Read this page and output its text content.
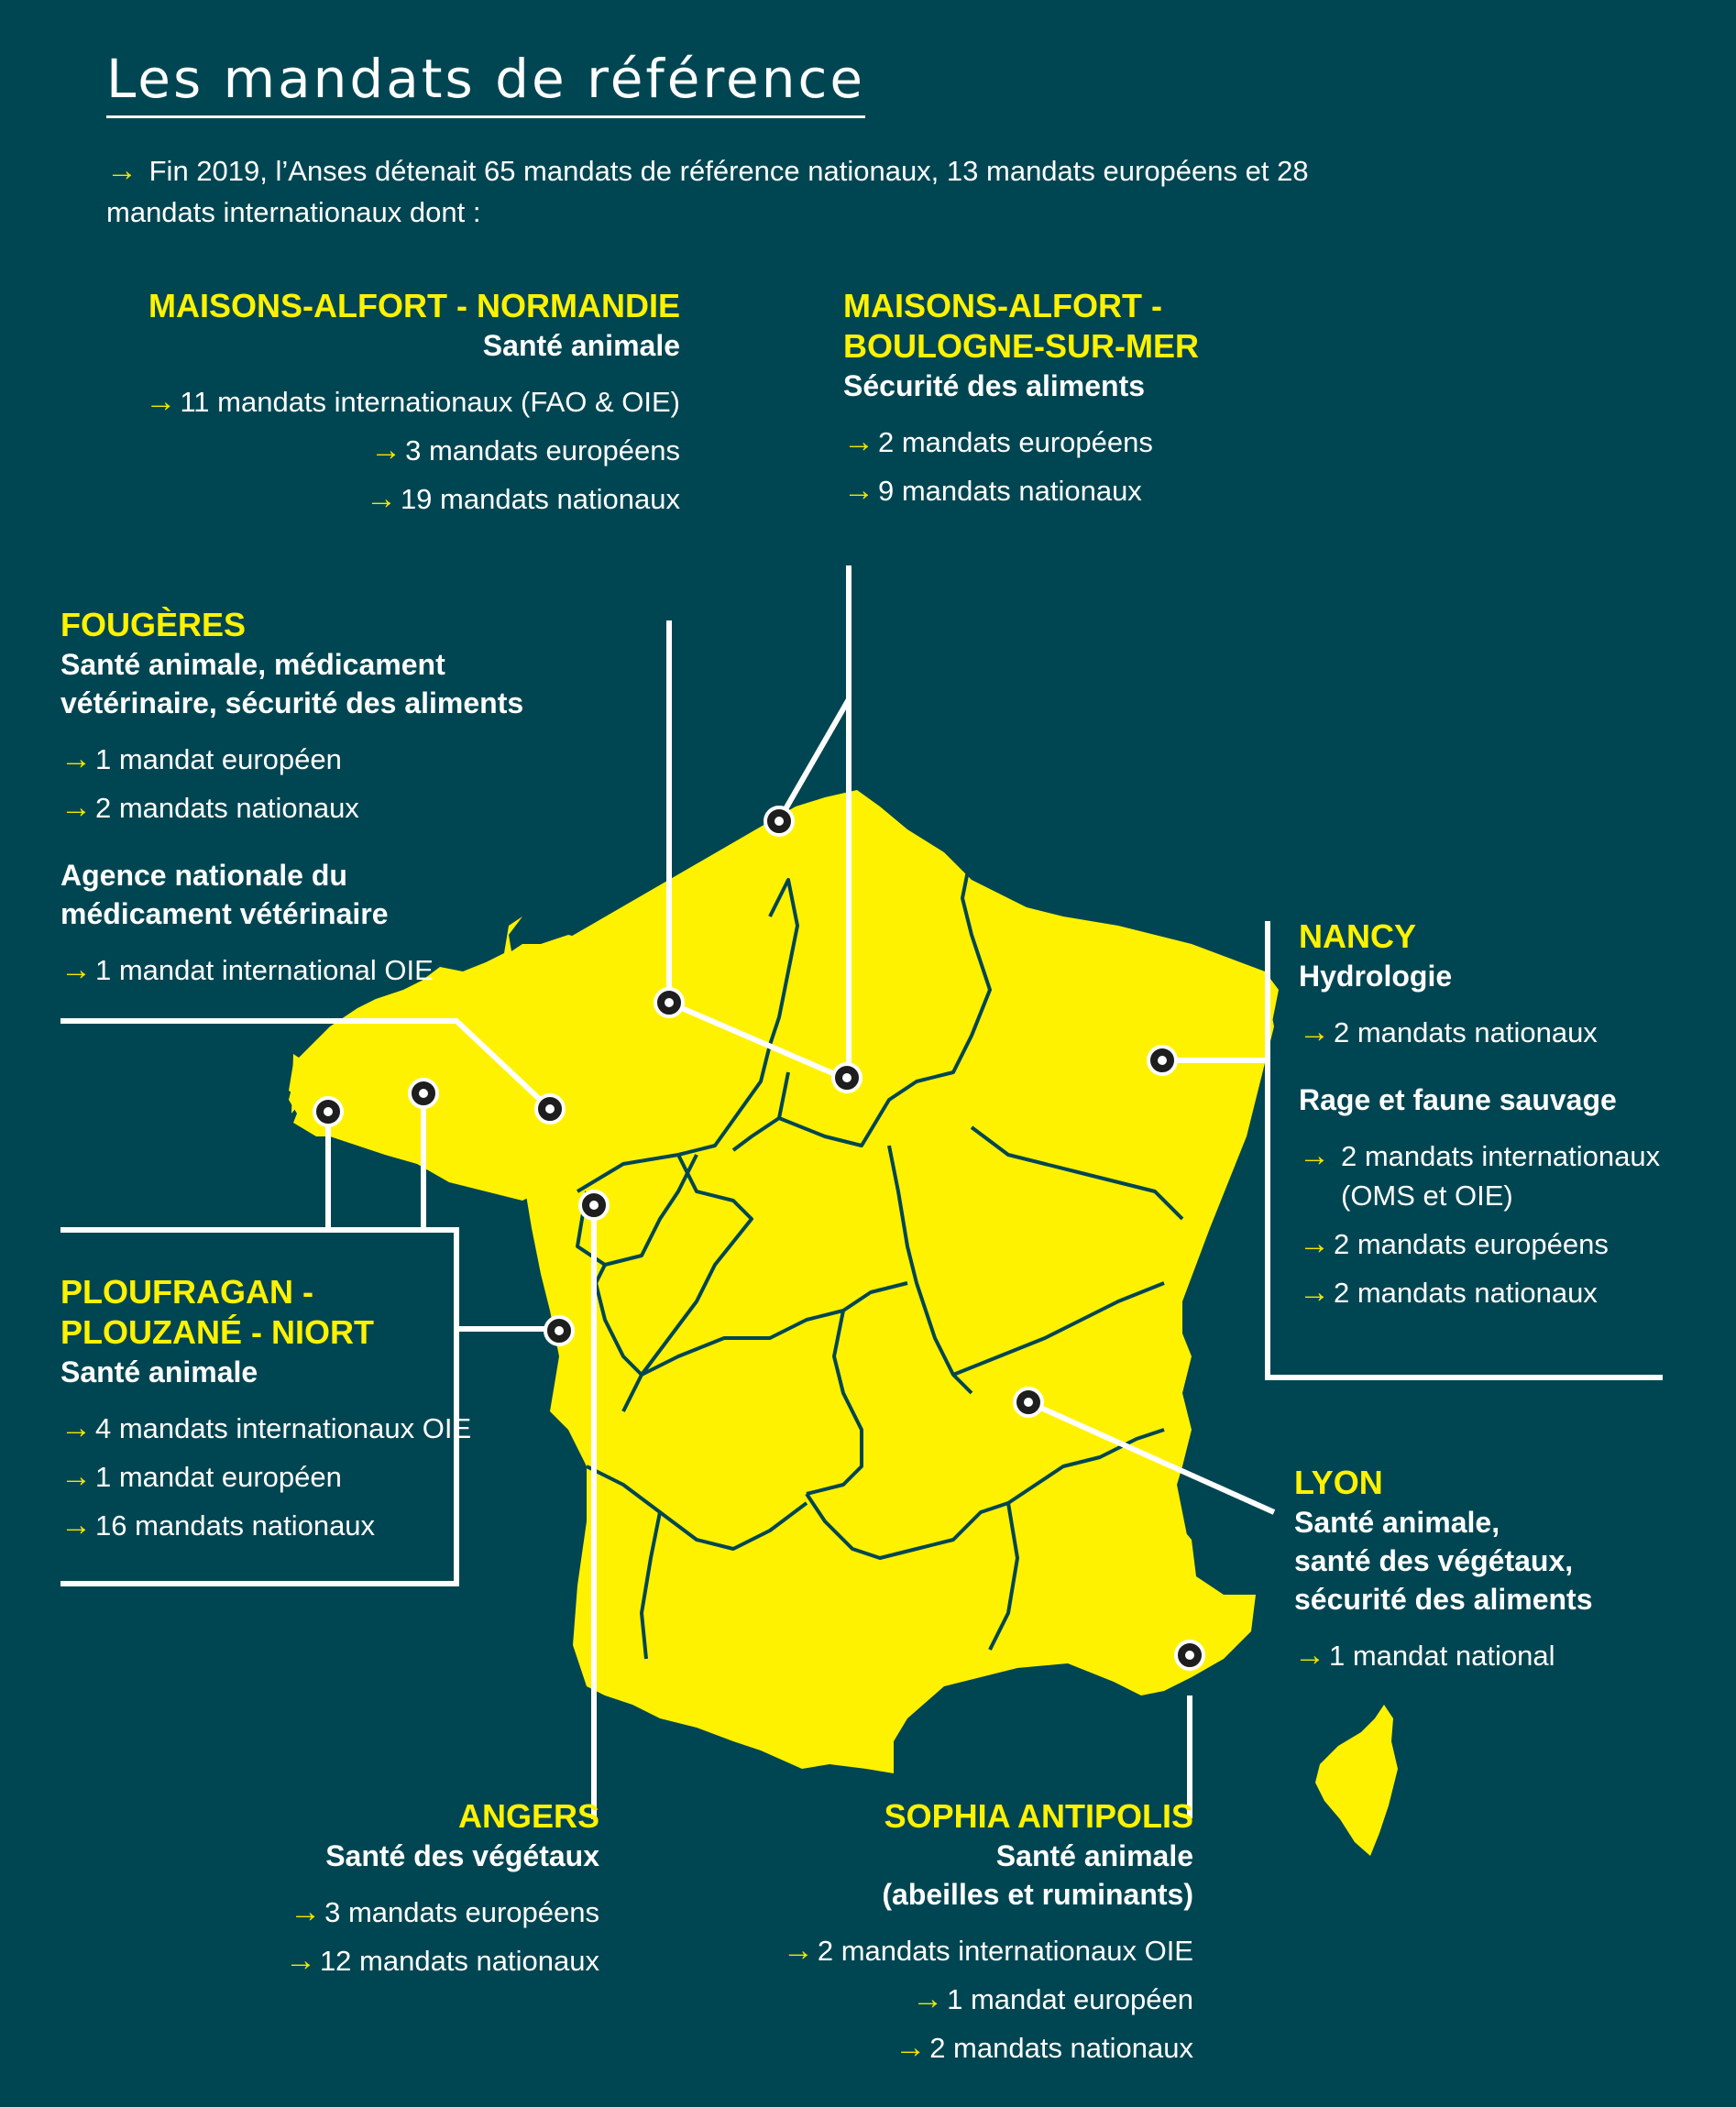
Les mandats de référence
→ Fin 2019, l’Anses détenait 65 mandats de référence nationaux, 13 mandats européens et 28 mandats internationaux dont :
MAISONS-ALFORT - NORMANDIE
Santé animale
→ 11 mandats internationaux (FAO & OIE)
→ 3 mandats européens
→ 19 mandats nationaux
MAISONS-ALFORT -
BOULOGNE-SUR-MER
Sécurité des aliments
→ 2 mandats européens
→ 9 mandats nationaux
FOUGÈRES
Santé animale, médicament
vétérinaire, sécurité des aliments
→ 1 mandat européen
→ 2 mandats nationaux
Agence nationale du
médicament vétérinaire
→ 1 mandat international OIE
NANCY
Hydrologie
→ 2 mandats nationaux
Rage et faune sauvage
→ 2 mandats internationaux
(OMS et OIE)
→ 2 mandats européens
→ 2 mandats nationaux
PLOUFRAGAN -
PLOUZANÉ - NIORT
Santé animale
→ 4 mandats internationaux OIE
→ 1 mandat européen
→ 16 mandats nationaux
LYON
Santé animale,
santé des végétaux,
sécurité des aliments
→ 1 mandat national
ANGERS
Santé des végétaux
→ 3 mandats européens
→ 12 mandats nationaux
SOPHIA ANTIPOLIS
Santé animale
(abeilles et ruminants)
→ 2 mandats internationaux OIE
→ 1 mandat européen
→ 2 mandats nationaux
